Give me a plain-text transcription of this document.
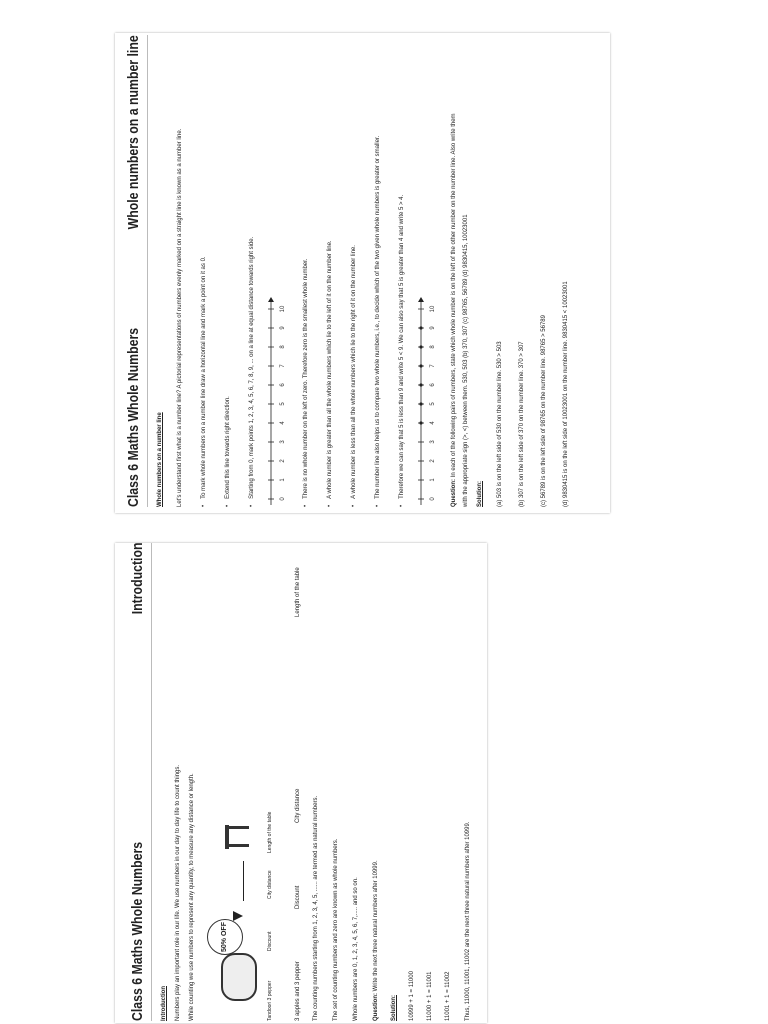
Class 6 Maths Whole Numbers
Introduction
Introduction Numbers play an important role in our life. We use numbers in our day to day life to count things. While counting we use numbers to represent any quantity, to measure any distance or length.	50% OFF
Tandoori 3 pepper
Discount
City distance
Length of the table
3 apples and 3 pepper
Discount
City distance
Length of the table
The counting numbers starting from 1, 2, 3, 4, 5, ...... are termed as natural numbers. The set of counting numbers and zero are known as whole numbers. Whole numbers are 0, 1, 2, 3, 4, 5, 6, 7,..... and so on. Question: Write the next three natural numbers after 10999.
Solution: 10999 + 1 = 11000 11000 + 1 = 11001 11001 + 1 = 11002 Thus, 11000, 11001, 11002 are the next three natural numbers after 10999.
Class 6 Maths Whole Numbers
Whole numbers on a number line
Whole numbers on a number line Let's understand first what is a number line? A pictorial representations of numbers evenly marked on a straight line is known as a number line.	• To mark whole numbers on a number line draw a horizontal line and mark a point on it as 0.	• Extend this line towards right direction.	• Starting from 0, mark points 1, 2, 3, 4, 5, 6, 7, 8, 9, ... on a line at equal distance towards right side.
0
1
2
3
4
5
6
7
8
9
10	• There is no whole number on the left of zero. Therefore zero is the smallest whole number.	• A whole number is greater than all the whole numbers which lie to the left of it on the number line.	• A whole number is less than all the whole numbers which lie to the right of it on the number line.	• The number line also helps us to compare two whole numbers, i.e., to decide which of the two given whole numbers is greater or smaller.	• Therefore we can say that 5 is less than 9 and write 5 < 9. We can also say that 5 is greater than 4 and write 5 > 4.
0
1
2
3
4
5
6
7
8
9
10
Question: In each of the following pairs of numbers, state which whole number is on the left of the other number on the number line. Also write them with the appropriate sign (>, <) between them. 530, 503 (b) 370, 307 (c) 98765, 56789 (d) 9830415, 10023001 Solution: (a) 503 is on the left side of 530 on the number line. 530 > 503	(b) 307 is on the left side of 370 on the number line. 370 > 307	(c) 56789 is on the left side of 98765 on the number line. 98765 > 56789	(d) 9830415 is on the left side of 10023001 on the number line. 9830415 < 10023001
